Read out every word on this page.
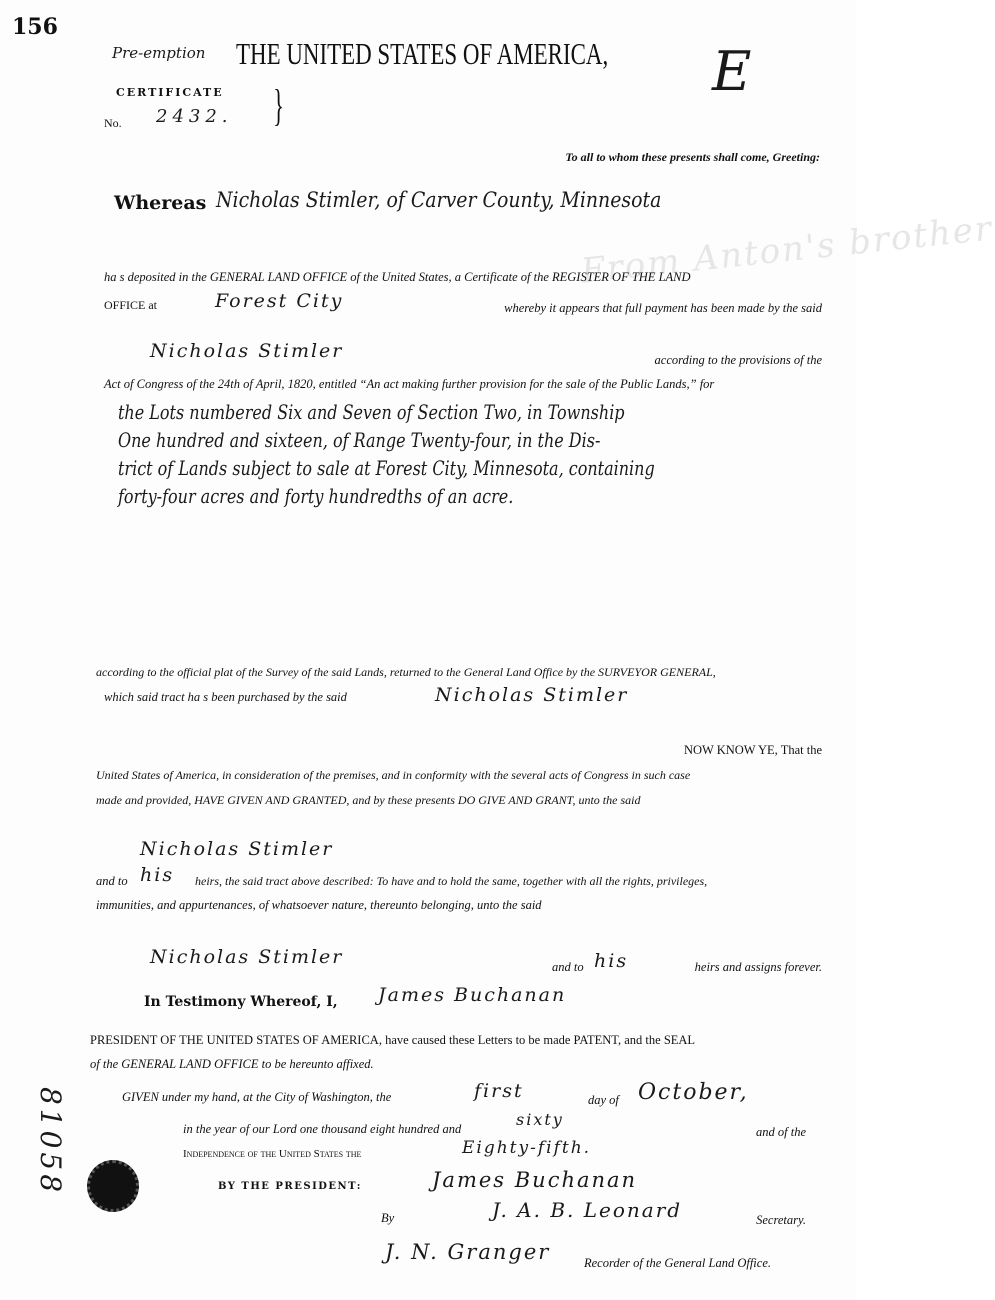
156
Pre-emption THE UNITED STATES OF AMERICA, E
CERTIFICATE }
No. 2432.
To all to whom these presents shall come, Greeting:
Whereas Nicholas Stimler, of Carver County, Minnesota
From Anton's brother
ha s deposited in the GENERAL LAND OFFICE of the United States, a Certificate of the REGISTER OF THE LAND
OFFICE at	Forest City	whereby it appears that full payment has been made by the said
Nicholas Stimler	according to the provisions of the
Act of Congress of the 24th of April, 1820, entitled “An act making further provision for the sale of the Public Lands,” for
the Lots numbered Six and Seven of Section Two, in Township
One hundred and sixteen, of Range Twenty-four, in the Dis-
trict of Lands subject to sale at Forest City, Minnesota, containing
forty-four acres and forty hundredths of an acre.
according to the official plat of the Survey of the said Lands, returned to the General Land Office by the SURVEYOR GENERAL,
which said tract ha s been purchased by the said	Nicholas Stimler
NOW KNOW YE, That the
United States of America, in consideration of the premises, and in conformity with the several acts of Congress in such case
made and provided, HAVE GIVEN AND GRANTED, and by these presents DO GIVE AND GRANT, unto the said
Nicholas Stimler
and to his heirs, the said tract above described: To have and to hold the same, together with all the rights, privileges,
immunities, and appurtenances, of whatsoever nature, thereunto belonging, unto the said
Nicholas Stimler	and to his	heirs and assigns forever.
In Testimony Whereof, I, James Buchanan
PRESIDENT OF THE UNITED STATES OF AMERICA, have caused these Letters to be made PATENT, and the SEAL
of the GENERAL LAND OFFICE to be hereunto affixed.
GIVEN under my hand, at the City of Washington, the	first	day of October,
in the year of our Lord one thousand eight hundred and	sixty
and of the
Independence of the United States the	Eighty-fifth.
81058	BY THE PRESIDENT:	James Buchanan
By	J. A. B. Leonard	Secretary.
J. N. Granger	Recorder of the General Land Office.
